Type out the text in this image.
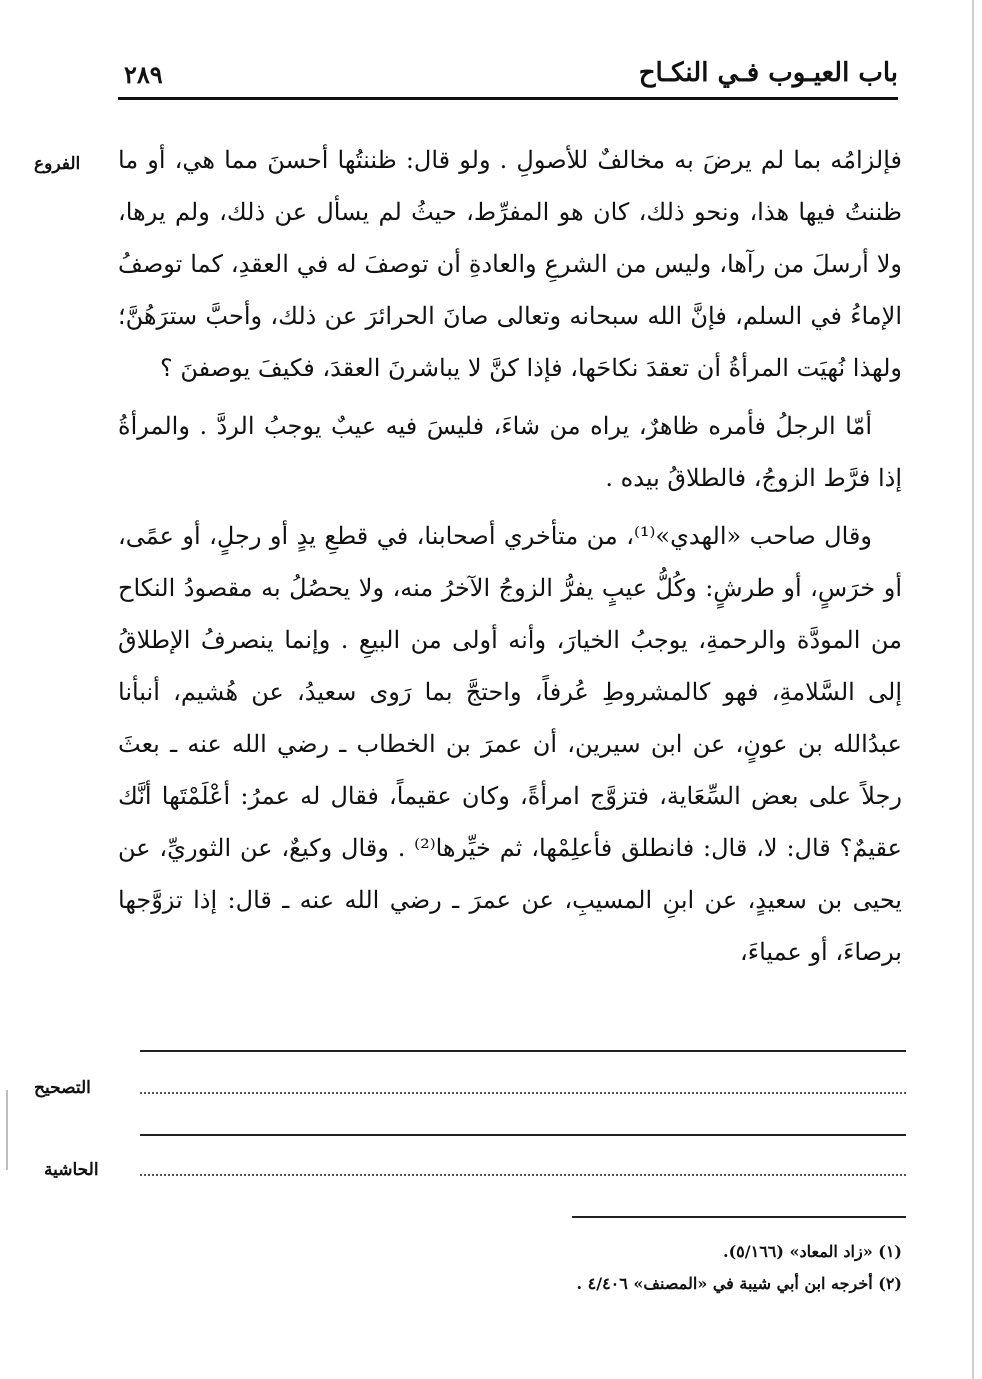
باب العيـوب فـي النكـاح
٢٨٩
الفروع فإلزامُه بما لم يرضَ به مخالفٌ للأصولِ . ولو قال: ظننتُها أحسنَ مما هي، أو ما ظننتُ فيها هذا، ونحو ذلك، كان هو المفرِّط، حيثُ لم يسأل عن ذلك، ولم يرها، ولا أرسلَ من رآها، وليس من الشرعِ والعادةِ أن توصفَ له في العقدِ، كما توصفُ الإماءُ في السلم، فإنَّ الله سبحانه وتعالى صانَ الحرائرَ عن ذلك، وأحبَّ سترَهُنَّ؛ ولهذا نُهيَت المرأةُ أن تعقدَ نكاحَها، فإذا كنَّ لا يباشرنَ العقدَ، فكيفَ يوصفنَ ؟

أمّا الرجلُ فأمره ظاهرٌ، يراه من شاءَ، فليسَ فيه عيبٌ يوجبُ الردَّ . والمرأةُ إذا فرَّط الزوجُ، فالطلاقُ بيده .

وقال صاحب «الهدي»⁽¹⁾، من متأخري أصحابنا، في قطعِ يدٍ أو رجلٍ، أو عمًى، أو خرَسٍ، أو طرشٍ: وكُلُّ عيبٍ يفرُّ الزوجُ الآخرُ منه، ولا يحصُلُ به مقصودُ النكاح من المودَّة والرحمةِ، يوجبُ الخيارَ، وأنه أولى من البيعِ . وإنما ينصرفُ الإطلاقُ إلى السَّلامةِ، فهو كالمشروطِ عُرفاً، واحتجَّ بما رَوى سعيدُ، عن هُشيم، أنبأنا عبدُالله بن عونٍ، عن ابن سيرين، أن عمرَ بن الخطاب ـ رضي الله عنه ـ بعثَ رجلاً على بعض السِّعَاية، فتزوَّج امرأةً، وكان عقيماً، فقال له عمرُ: أعْلَمْتَها أنَّك عقيمٌ؟ قال: لا، قال: فانطلق فأعلِمْها، ثم خيِّرها⁽²⁾ . وقال وكيعٌ، عن الثوريِّ، عن يحيى بن سعيدٍ، عن ابنِ المسيبِ، عن عمرَ ـ رضي الله عنه ـ قال: إذا تزوَّجها برصاءَ، أو عمياءَ،

التصحيح
الحاشية

(١) «زاد المعاد» (٥/١٦٦).

(٢) أخرجه ابن أبي شيبة في «المصنف» ٤/٤٠٦ .
